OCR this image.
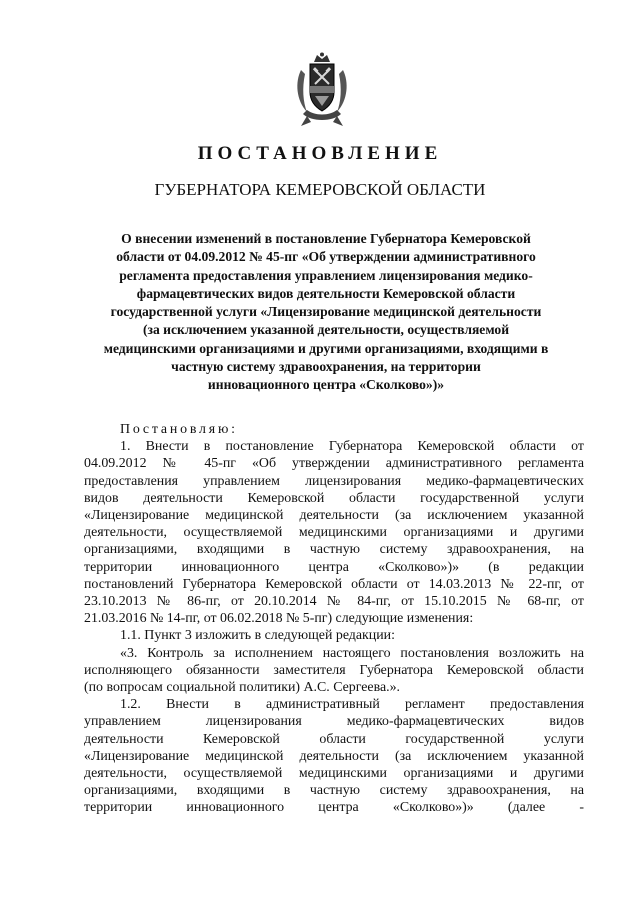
ПОСТАНОВЛЕНИЕ
ГУБЕРНАТОРА КЕМЕРОВСКОЙ ОБЛАСТИ
О внесении изменений в постановление Губернатора Кемеровской
области от 04.09.2012 № 45-пг «Об утверждении административного
регламента предоставления управлением лицензирования медико-
фармацевтических видов деятельности Кемеровской области
государственной услуги «Лицензирование медицинской деятельности
(за исключением указанной деятельности, осуществляемой
медицинскими организациями и другими организациями, входящими в
частную систему здравоохранения, на территории
инновационного центра «Сколково»)»

Постановляю:

1. Внести в постановление Губернатора Кемеровской области от

04.09.2012 № 45-пг «Об утверждении административного регламента

предоставления управлением лицензирования медико-фармацевтических

видов деятельности Кемеровской области государственной услуги

«Лицензирование медицинской деятельности (за исключением указанной

деятельности, осуществляемой медицинскими организациями и другими

организациями, входящими в частную систему здравоохранения, на

территории инновационного центра «Сколково»)» (в редакции

постановлений Губернатора Кемеровской области от 14.03.2013 № 22-пг, от

23.10.2013 № 86-пг, от 20.10.2014 № 84-пг, от 15.10.2015 № 68-пг, от

21.03.2016 № 14-пг, от 06.02.2018 № 5-пг) следующие изменения:

1.1. Пункт 3 изложить в следующей редакции:

«3. Контроль за исполнением настоящего постановления возложить на

исполняющего обязанности заместителя Губернатора Кемеровской области

(по вопросам социальной политики) А.С. Сергеева.».

1.2. Внести в административный регламент предоставления

управлением лицензирования медико-фармацевтических видов

деятельности Кемеровской области государственной услуги

«Лицензирование медицинской деятельности (за исключением указанной

деятельности, осуществляемой медицинскими организациями и другими

организациями, входящими в частную систему здравоохранения, на

территории инновационного центра «Сколково»)» (далее -
